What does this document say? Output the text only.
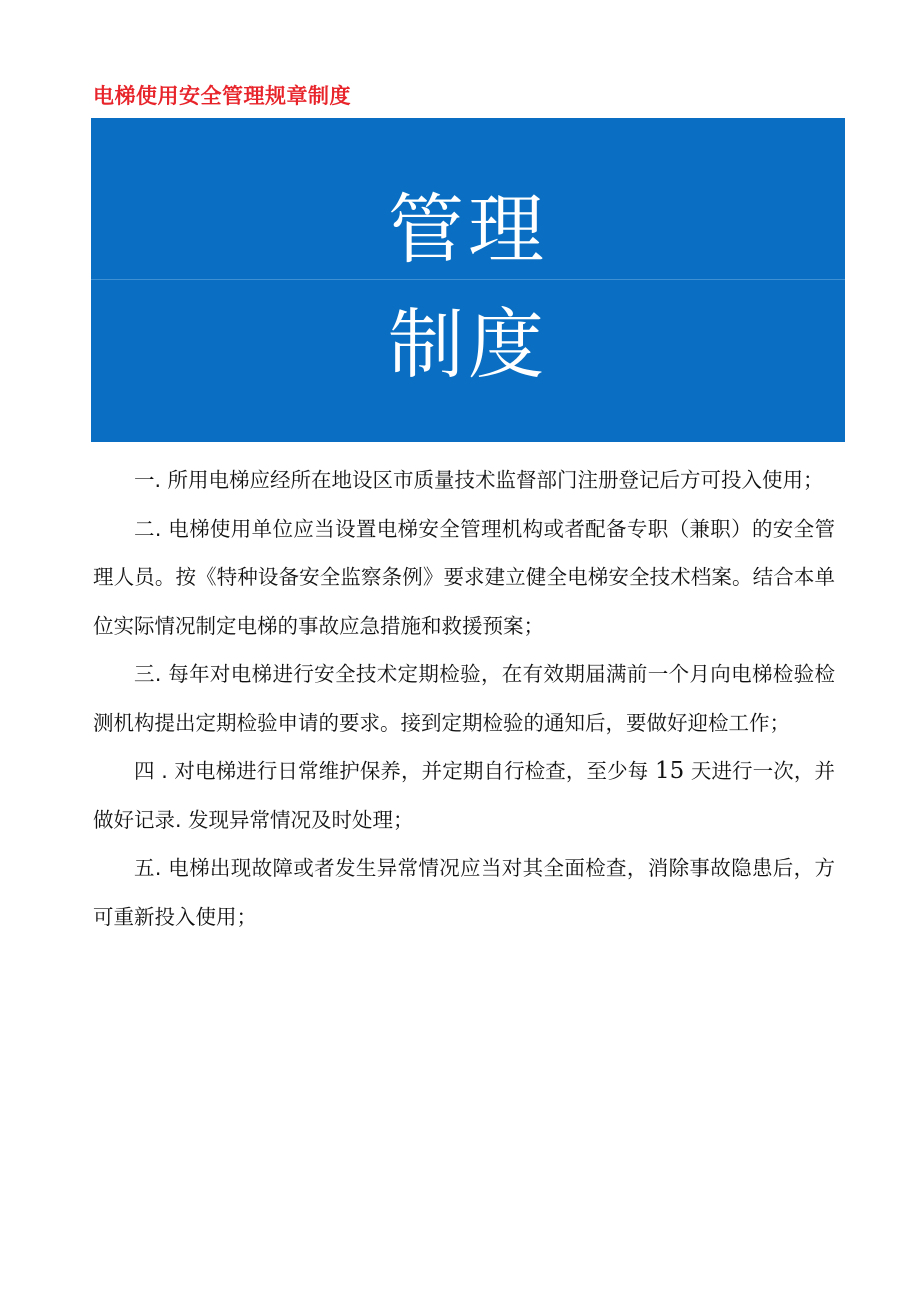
电梯使用安全管理规章制度
管理
制度

一. 所用电梯应经所在地设区市质量技术监督部门注册登记后方可投入使用；

二. 电梯使用单位应当设置电梯安全管理机构或者配备专职（兼职）的安全管理人员。按《特种设备安全监察条例》要求建立健全电梯安全技术档案。结合本单位实际情况制定电梯的事故应急措施和救援预案；

三. 每年对电梯进行安全技术定期检验，在有效期届满前一个月向电梯检验检测机构提出定期检验申请的要求。接到定期检验的通知后，要做好迎检工作；

四 . 对电梯进行日常维护保养，并定期自行检查，至少每 15 天进行一次，并做好记录. 发现异常情况及时处理；

五. 电梯出现故障或者发生异常情况应当对其全面检查，消除事故隐患后，方可重新投入使用；
